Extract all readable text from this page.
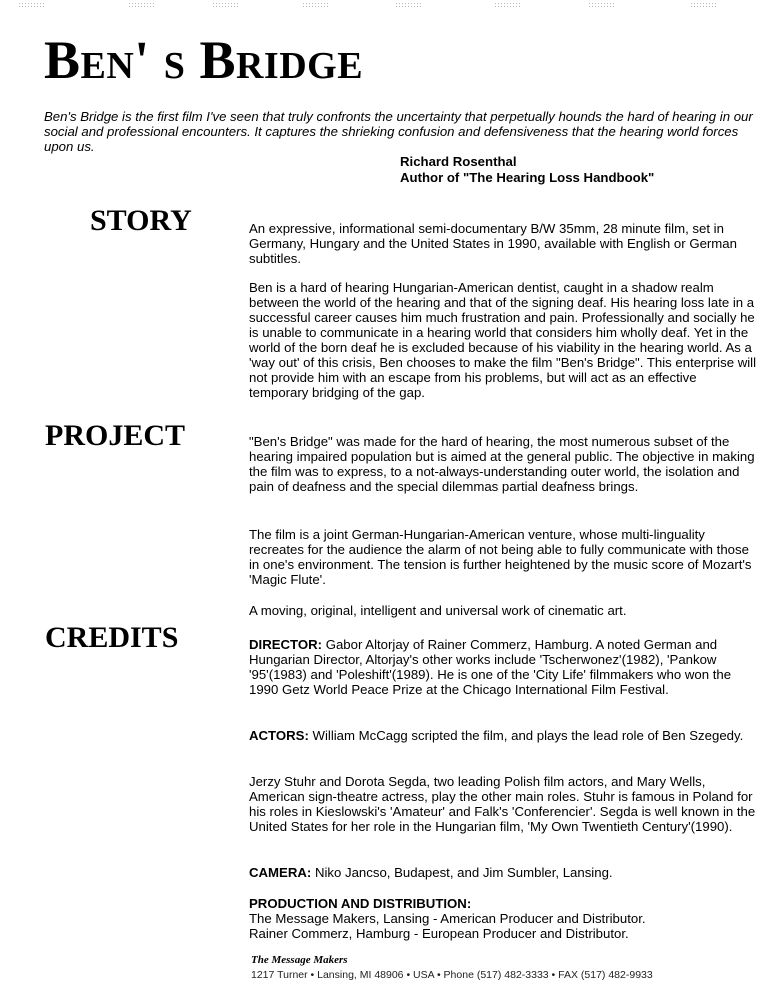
Ben' s Bridge

Ben's Bridge is the first film I've seen that truly confronts the uncertainty that perpetually hounds the hard of hearing in our social and professional encounters. It captures the shrieking confusion and defensiveness that the hearing world forces upon us.

Richard Rosenthal
Author of "The Hearing Loss Handbook"
STORY	An expressive, informational semi-documentary B/W 35mm, 28 minute film, set in Germany, Hungary and the United States in 1990, available with English or German subtitles.

Ben is a hard of hearing Hungarian-American dentist, caught in a shadow realm between the world of the hearing and that of the signing deaf. His hearing loss late in a successful career causes him much frustration and pain. Professionally and socially he is unable to communicate in a hearing world that considers him wholly deaf. Yet in the world of the born deaf he is excluded because of his viability in the hearing world. As a 'way out' of this crisis, Ben chooses to make the film "Ben's Bridge". This enterprise will not provide him with an escape from his problems, but will act as an effective temporary bridging of the gap.

PROJECT	"Ben's Bridge" was made for the hard of hearing, the most numerous subset of the hearing impaired population but is aimed at the general public. The objective in making the film was to express, to a not-always-understanding outer world, the isolation and pain of deafness and the special dilemmas partial deafness brings.

The film is a joint German-Hungarian-American venture, whose multi-linguality recreates for the audience the alarm of not being able to fully communicate with those in one's environment. The tension is further heightened by the music score of Mozart's 'Magic Flute'.

A moving, original, intelligent and universal work of cinematic art.

CREDITS	DIRECTOR: Gabor Altorjay of Rainer Commerz, Hamburg. A noted German and Hungarian Director, Altorjay's other works include 'Tscherwonez'(1982), 'Pankow '95'(1983) and 'Poleshift'(1989). He is one of the 'City Life' filmmakers who won the 1990 Getz World Peace Prize at the Chicago International Film Festival.

ACTORS: William McCagg scripted the film, and plays the lead role of Ben Szegedy.

Jerzy Stuhr and Dorota Segda, two leading Polish film actors, and Mary Wells, American sign-theatre actress, play the other main roles. Stuhr is famous in Poland for his roles in Kieslowski's 'Amateur' and Falk's 'Conferencier'. Segda is well known in the United States for her role in the Hungarian film, 'My Own Twentieth Century'(1990).

CAMERA: Niko Jancso, Budapest, and Jim Sumbler, Lansing.

PRODUCTION AND DISTRIBUTION:
The Message Makers, Lansing - American Producer and Distributor.
Rainer Commerz, Hamburg - European Producer and Distributor.

The Message Makers

1217 Turner • Lansing, MI 48906 • USA • Phone (517) 482-3333 • FAX (517) 482-9933
